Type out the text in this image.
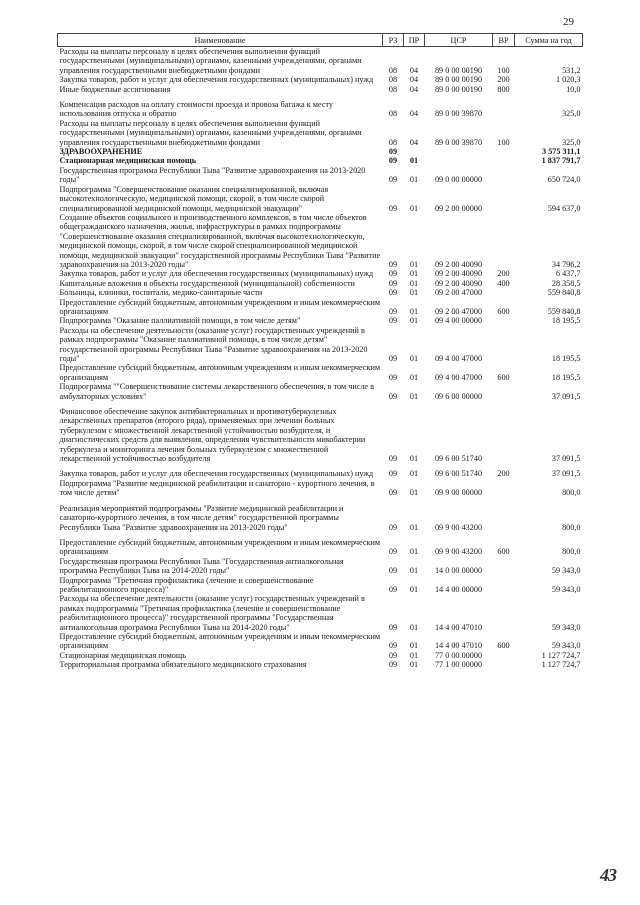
29
Наименование	РЗ	ПР	ЦСР	ВР	Сумма на год
Расходы на выплаты персоналу в целях обеспечения выполнения функций государственными (муниципальными) органами, казенными учреждениями, органами управления государственными внебюджетными фондами	08	04	89 0 00 00190	100	531,2
Закупка товаров, работ и услуг для обеспечения государственных (муниципальных) нужд	08	04	89 0 00 00190	200	1 020,3
Иные бюджетные ассигнования	08	04	89 0 00 00190	800	10,0

Компенсация расходов на оплату стоимости проезда и провоза багажа к месту использования отпуска и обратно	08	04	89 0 00 39870		325,0
Расходы на выплаты персоналу в целях обеспечения выполнения функций государственными (муниципальными) органами, казенными учреждениями, органами управления государственными внебюджетными фондами	08	04	89 0 00 39870	100	325,0
ЗДРАВООХРАНЕНИЕ	09				3 575 311,1
Стационарная медицинская помощь	09	01			1 837 791,7
Государственная программа Республики Тыва "Развитие здравоохранения на 2013-2020 годы"	09	01	09 0 00 00000		650 724,0
Подпрограмма "Совершенствование оказания специализированной, включая высокотехнологическую, медицинской помощи, скорой, в том числе скорой специализированной медицинской помощи, медицинской эвакуации"	09	01	09 2 00 00000		594 637,0
Создание объектов социального и производственного комплексов, в том числе объектов общегражданского назначения, жилья, инфраструктуры в рамках подпрограммы "Совершенствование оказания специализированной, включая высокотехнологическую, медицинской помощи, скорой, в том числе скорой специализированной медицинской помощи, медицинской эвакуации" государственной программы Республики Тыва "Развитие здравоохранения на 2013-2020 годы"	09	01	09 2 00 40090		34 796,2
Закупка товаров, работ и услуг для обеспечения государственных (муниципальных) нужд	09	01	09 2 00 40090	200	6 437,7
Капитальные вложения в объекты государственной (муниципальной) собственности	09	01	09 2 00 40090	400	28 358,5
Больницы, клиники, госпитали, медико-санитарные части	09	01	09 2 00 47000		559 840,8
Предоставление субсидий бюджетным, автономным учреждениям и иным некоммерческим организациям	09	01	09 2 00 47000	600	559 840,8
Подпрограмма "Оказание паллиативной помощи, в том числе детям"	09	01	09 4 00 00000		18 195,5
Расходы на обеспечение деятельности (оказание услуг) государственных учреждений в рамках подпрограммы "Оказание паллиативной помощи, в том числе детям" государственной программы Республики Тыва "Развитие здравоохранения на 2013-2020 годы"	09	01	09 4 00 47000		18 195,5
Предоставление субсидий бюджетным, автономным учреждениям и иным некоммерческим организациям	09	01	09 4 00 47000	600	18 195,5
Подпрограмма ""Совершенствование системы лекарственного обеспечения, в том числе в амбулаторных условиях"	09	01	09 6 00 00000		37 091,5

Финансовое обеспечение закупок антибактериальных и противотуберкулезных лекарственных препаратов (второго ряда), применяемых при лечении больных туберкулезом с множественной лекарственной устойчивостью возбудителя, и диагностических средств для выявления, определения чувствительности микобактерии туберкулеза и мониторинга лечения больных туберкулезом с множественной лекарственной устойчивостью возбудителя	09	01	09 6 00 51740		37 091,5

Закупка товаров, работ и услуг для обеспечения государственных (муниципальных) нужд	09	01	09 6 00 51740	200	37 091,5
Подпрограмма "Развитие медицинской реабилитации и санаторно - курортного лечения, в том числе детям"	09	01	09 9 00 00000		800,0

Реализация мероприятий подпрограммы "Развитие медицинской реабилитации и санаторно-курортного лечения, в том числе детям" государственной программы Республики Тыва "Развитие здравоохранения на 2013-2020 годы"	09	01	09 9 00 43200		800,0

Предоставление субсидий бюджетным, автономным учреждениям и иным некоммерческим организациям	09	01	09 9 00 43200	600	800,0
Государственная программа Республики Тыва "Государственная антиалкогольная программа Республики Тыва на 2014-2020 годы"	09	01	14 0 00 00000		59 343,0
Подпрограмма "Третичная профилактика (лечение и совершенствование реабилитационного процесса)"	09	01	14 4 00 00000		59 343,0
Расходы на обеспечение деятельности (оказание услуг) государственных учреждений в рамках подпрограммы "Третичная профилактика (лечение и совершенствование реабилитационного процесса)" государственной программы "Государственная антиалкогольная программа Республики Тыва на 2014-2020 годы"	09	01	14 4 00 47010		59 343,0
Предоставление субсидий бюджетным, автономным учреждениям и иным некоммерческим организациям	09	01	14 4 00 47010	600	59 343,0
Стационарная медицинская помощь	09	01	77 0 00 00000		1 127 724,7
Территориальная программа обязательного медицинского страхования	09	01	77 1 00 00000		1 127 724,7
43
